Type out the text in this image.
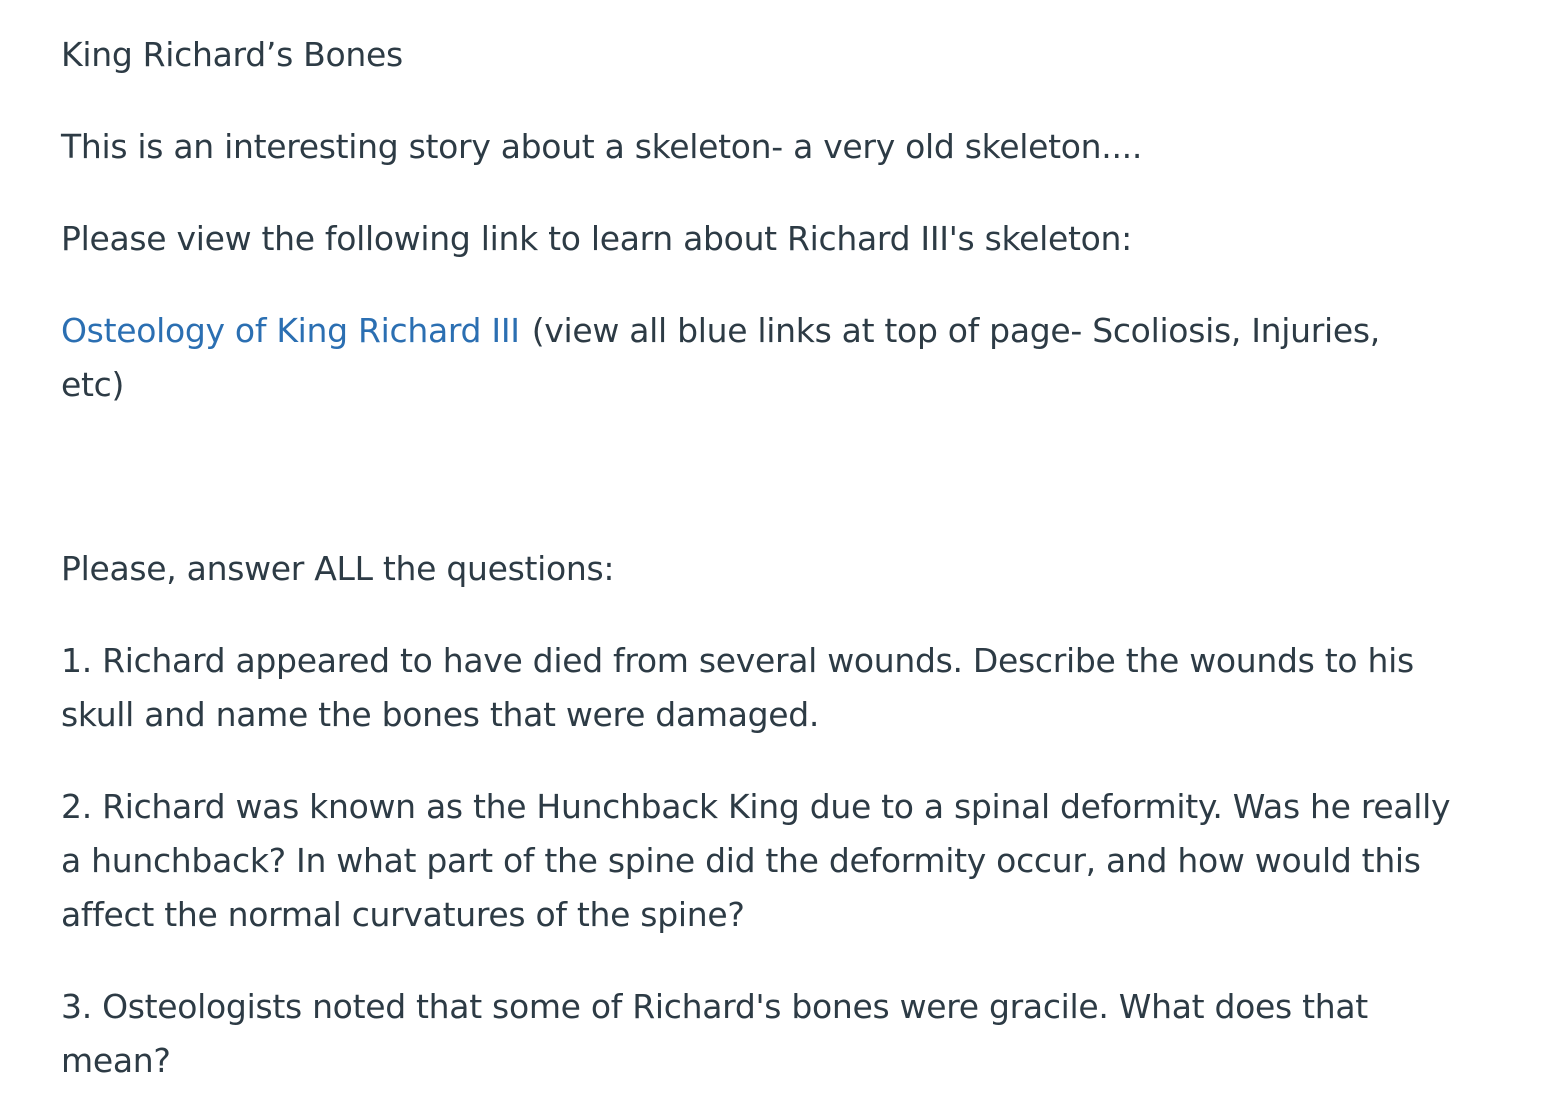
King Richard’s Bones

This is an interesting story about a skeleton- a very old skeleton....

Please view the following link to learn about Richard III's skeleton:

Osteology of King Richard III (view all blue links at top of page- Scoliosis, Injuries, etc)

Please, answer ALL the questions:

1. Richard appeared to have died from several wounds. Describe the wounds to his skull and name the bones that were damaged.

2. Richard was known as the Hunchback King due to a spinal deformity. Was he really a hunchback? In what part of the spine did the deformity occur, and how would this affect the normal curvatures of the spine?

3. Osteologists noted that some of Richard's bones were gracile. What does that mean?
